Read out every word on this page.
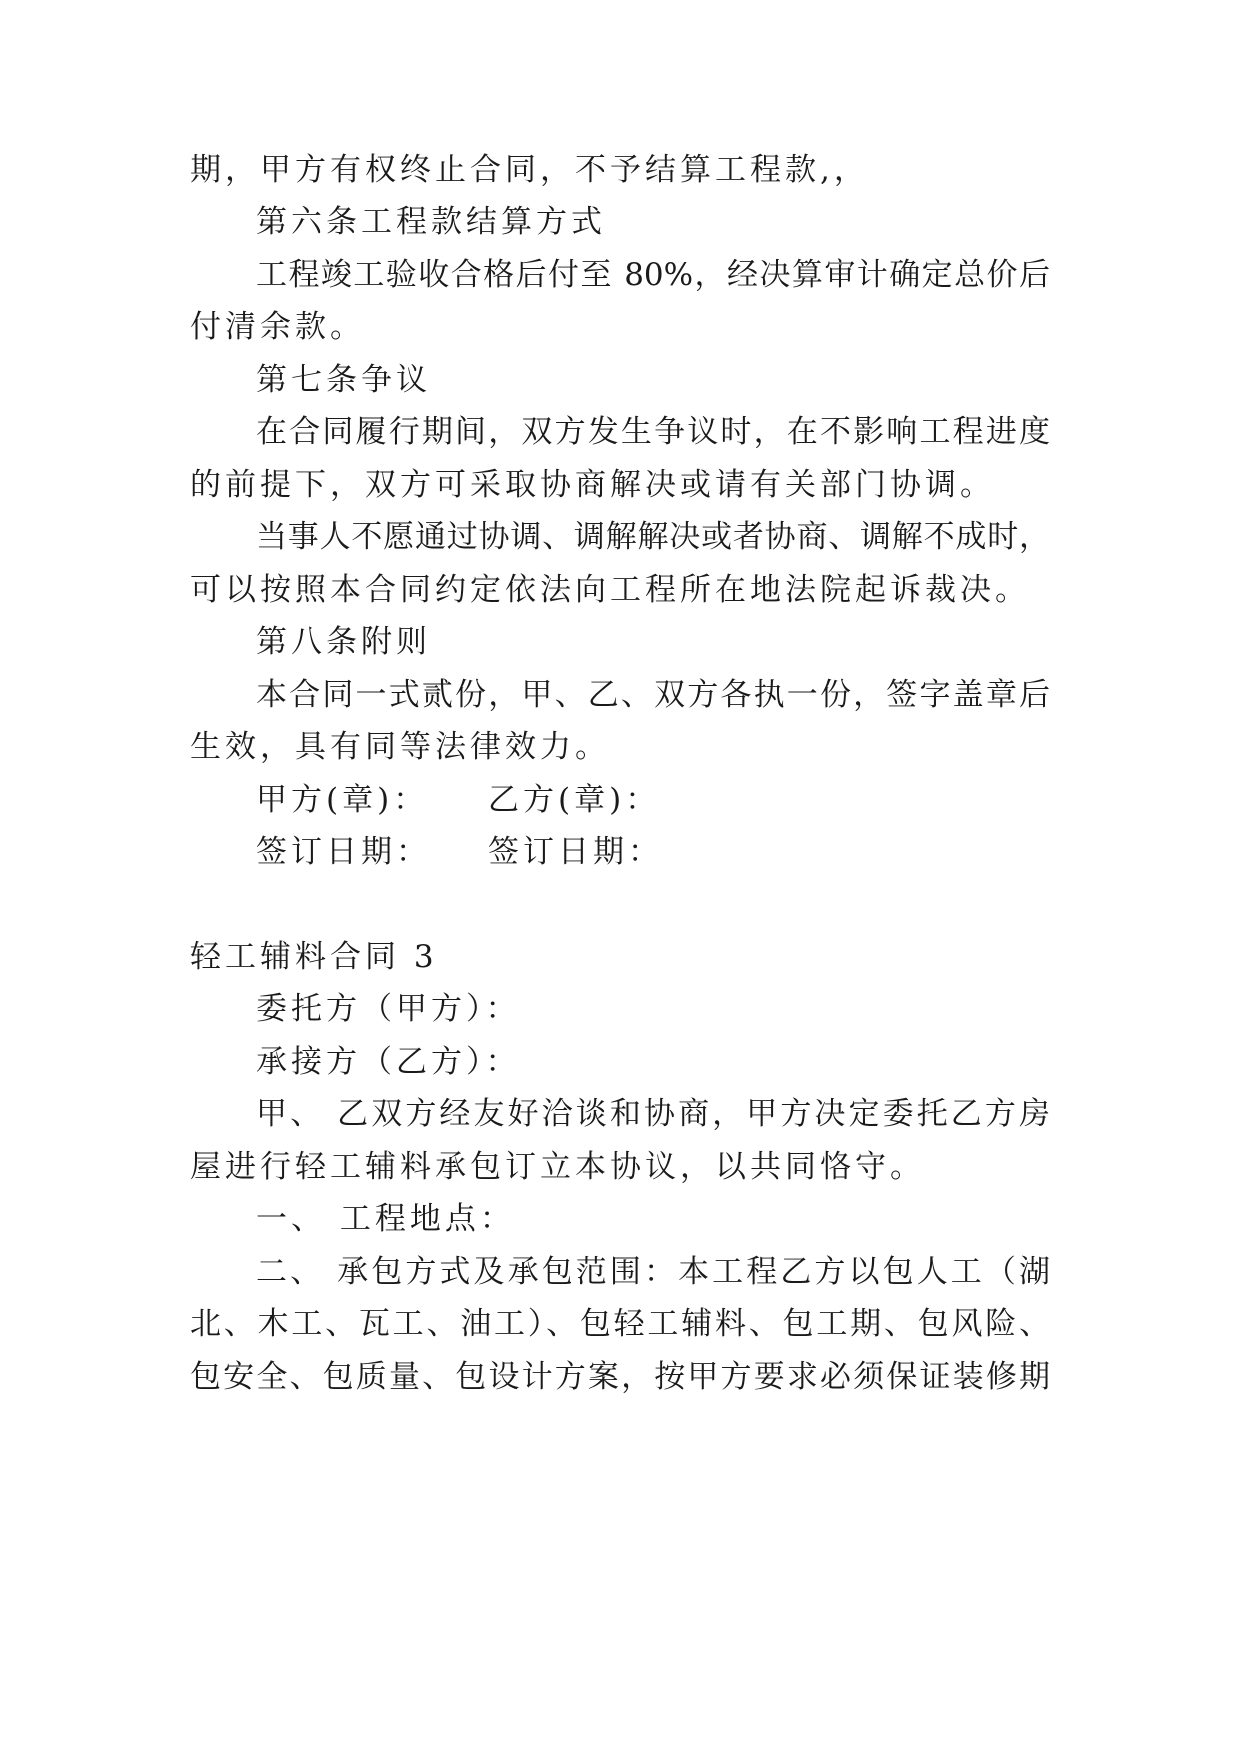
期，甲方有权终止合同，不予结算工程款,，
第六条工程款结算方式
工程竣工验收合格后付至 80%，经决算审计确定总价后
付清余款。
第七条争议
在合同履行期间，双方发生争议时，在不影响工程进度
的前提下，双方可采取协商解决或请有关部门协调。
当事人不愿通过协调、调解解决或者协商、调解不成时，
可以按照本合同约定依法向工程所在地法院起诉裁决。
第八条附则
本合同一式贰份，甲、乙、双方各执一份，签字盖章后
生效，具有同等法律效力。
甲方(章)： 乙方(章)：
签订日期： 签订日期：
轻工辅料合同 3
委托方（甲方）：
承接方（乙方）：
甲、 乙双方经友好洽谈和协商，甲方决定委托乙方房
屋进行轻工辅料承包订立本协议，以共同恪守。
一、 工程地点：
二、 承包方式及承包范围：本工程乙方以包人工（湖
北、木工、瓦工、油工）、包轻工辅料、包工期、包风险、
包安全、包质量、包设计方案，按甲方要求必须保证装修期
